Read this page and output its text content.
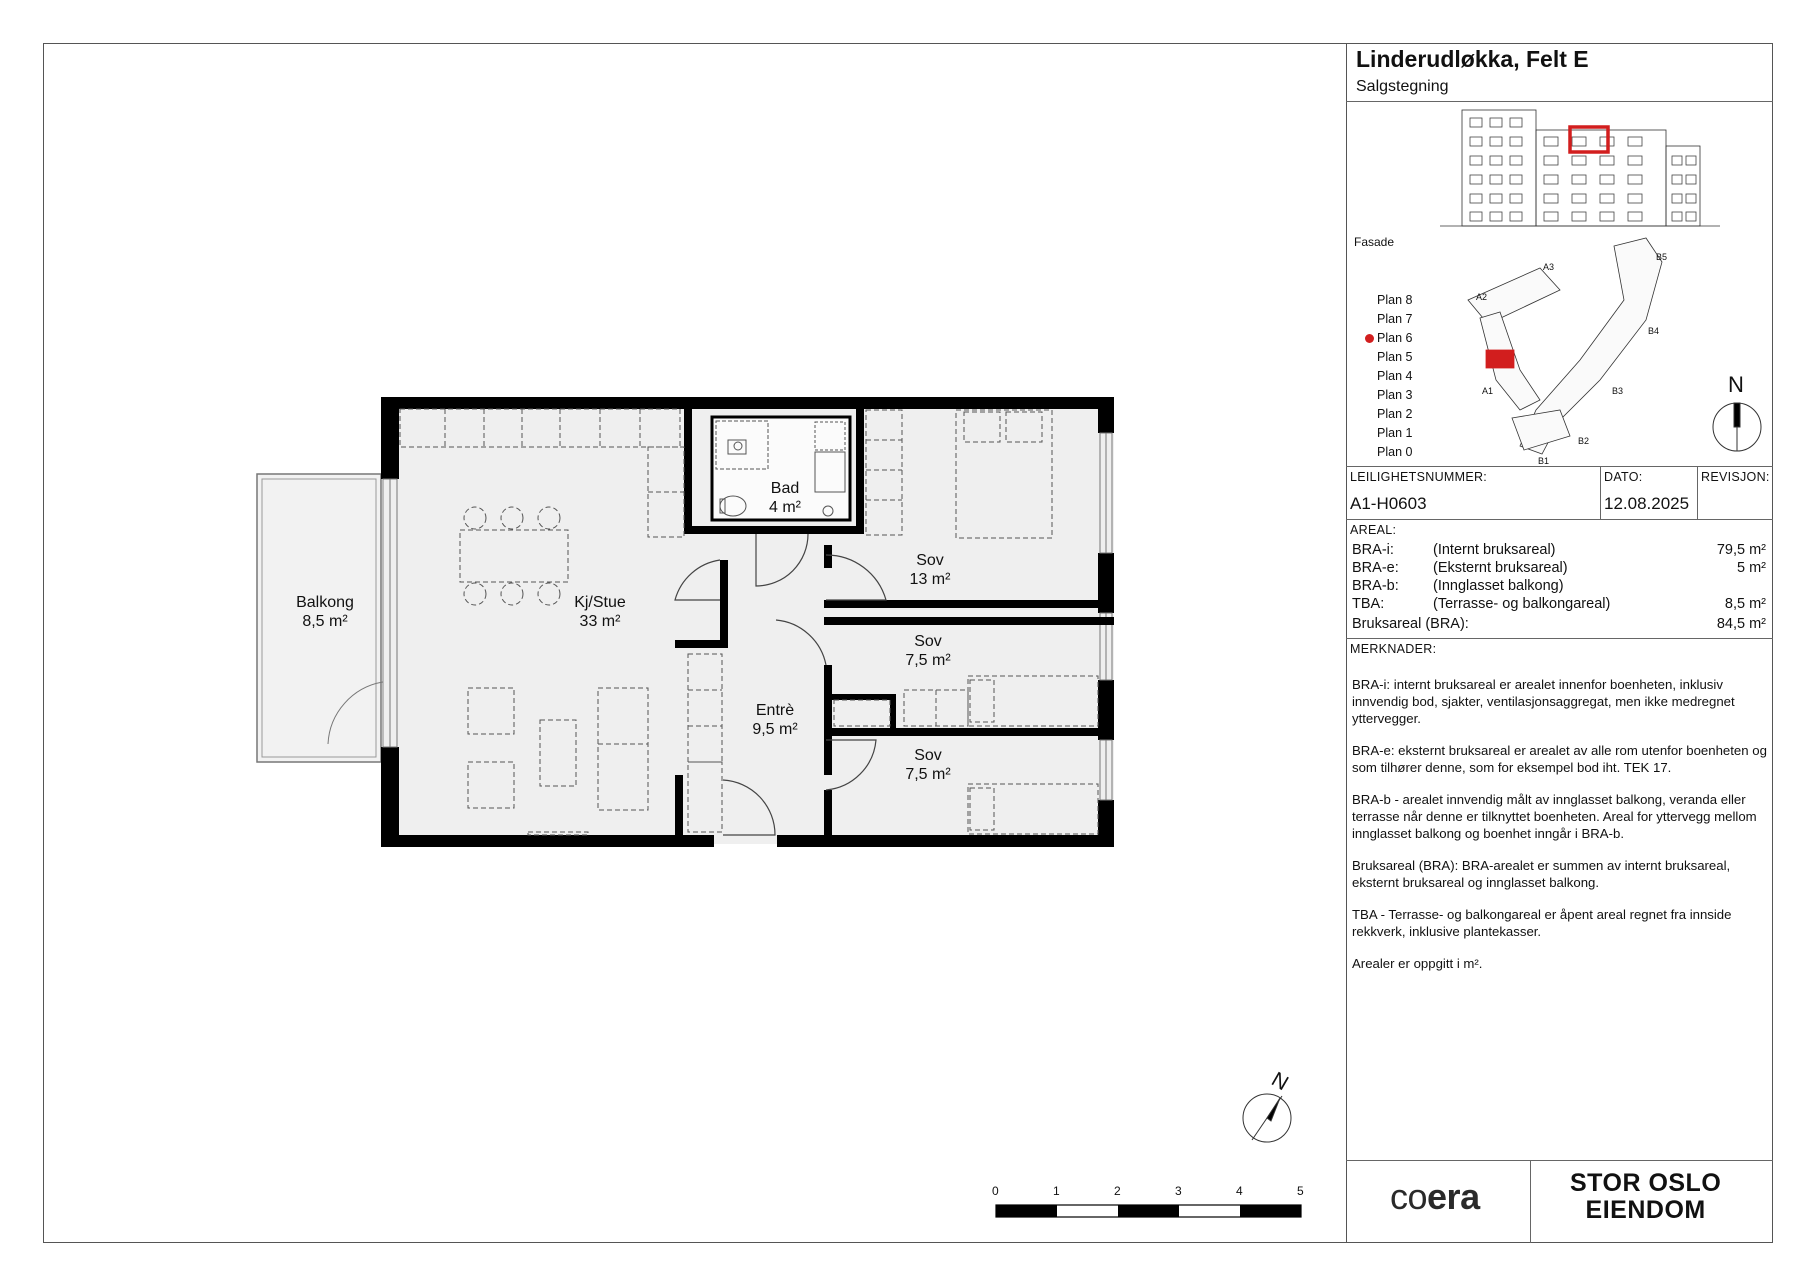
Balkong
8,5 m²
Kj/Stue
33 m²
Bad
4 m²
Sov
13 m²
Sov
7,5 m²
Sov
7,5 m²
Entrè
9,5 m²
N
0	1	2	3	4	5
Linderudløkka, Felt E
Salgstegning
Fasade
Plan 8
Plan 7
Plan 6
Plan 5
Plan 4
Plan 3
Plan 2
Plan 1
Plan 0
A3
A2
A1
B5
B4
B3
B2
B1
N
LEILIGHETSNUMMER:
A1-H0603
DATO:
12.08.2025
REVISJON:
AREAL:
BRA-i:	(Internt bruksareal)	79,5 m²
BRA-e: (Eksternt bruksareal)	5 m²
BRA-b: (Innglasset balkong)
TBA:	(Terrasse- og balkongareal)	8,5 m²
Bruksareal (BRA):	84,5 m²
MERKNADER:

BRA-i: internt bruksareal er arealet innenfor boenheten, inklusiv innvendig bod, sjakter, ventilasjonsaggregat, men ikke medregnet yttervegger.

BRA-e: eksternt bruksareal er arealet av alle rom utenfor boenheten og som tilhører denne, som for eksempel bod iht. TEK 17.

BRA-b - arealet innvendig målt av innglasset balkong, veranda eller terrasse når denne er tilknyttet boenheten. Areal for yttervegg mellom innglasset balkong og boenhet inngår i BRA-b.

Bruksareal (BRA): BRA-arealet er summen av internt bruksareal, eksternt bruksareal og innglasset balkong.

TBA - Terrasse- og balkongareal er åpent areal regnet fra innside rekkverk, inklusive plantekasser.

Arealer er oppgitt i m².

coera	STOR OSLO
EIENDOM
